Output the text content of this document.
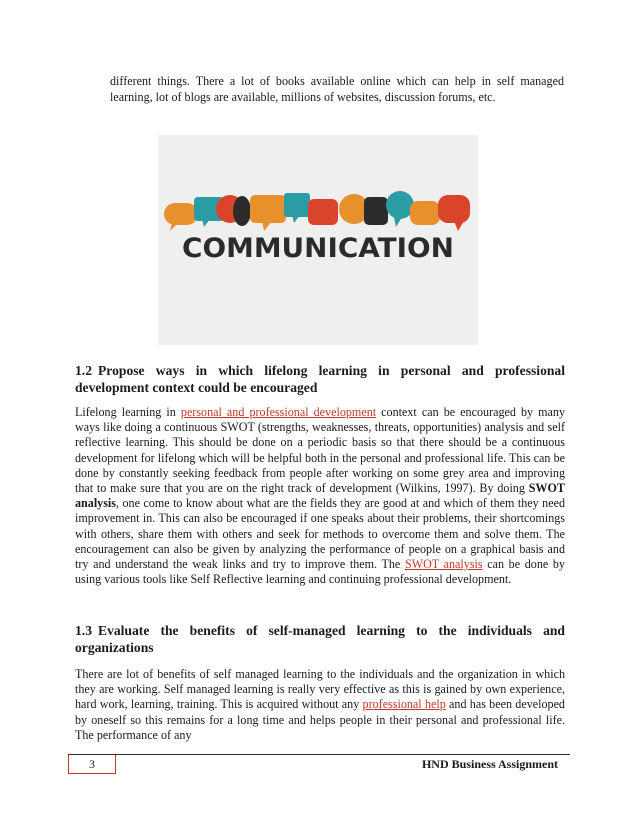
different things. There a lot of books available online which can help in self managed learning, lot of blogs are available, millions of websites, discussion forums, etc.

COMMUNICATION
1.2 Propose ways in which lifelong learning in personal and professional development context could be encouraged

Lifelong learning in personal and professional development context can be encouraged by many ways like doing a continuous SWOT (strengths, weaknesses, threats, opportunities) analysis and self reflective learning. This should be done on a periodic basis so that there should be a continuous development for lifelong which will be helpful both in the personal and professional life. This can be done by constantly seeking feedback from people after working on some grey area and improving that to make sure that you are on the right track of development (Wilkins, 1997). By doing SWOT analysis, one come to know about what are the fields they are good at and which of them they need improvement in. This can also be encouraged if one speaks about their problems, their shortcomings with others, share them with others and seek for methods to overcome them and solve them. The encouragement can also be given by analyzing the performance of people on a graphical basis and try and understand the weak links and try to improve them. The SWOT analysis can be done by using various tools like Self Reflective learning and continuing professional development.

1.3 Evaluate the benefits of self-managed learning to the individuals and organizations

There are lot of benefits of self managed learning to the individuals and the organization in which they are working. Self managed learning is really very effective as this is gained by own experience, hard work, learning, training. This is acquired without any professional help and has been developed by oneself so this remains for a long time and helps people in their personal and professional life. The performance of any

3	HND Business Assignment
